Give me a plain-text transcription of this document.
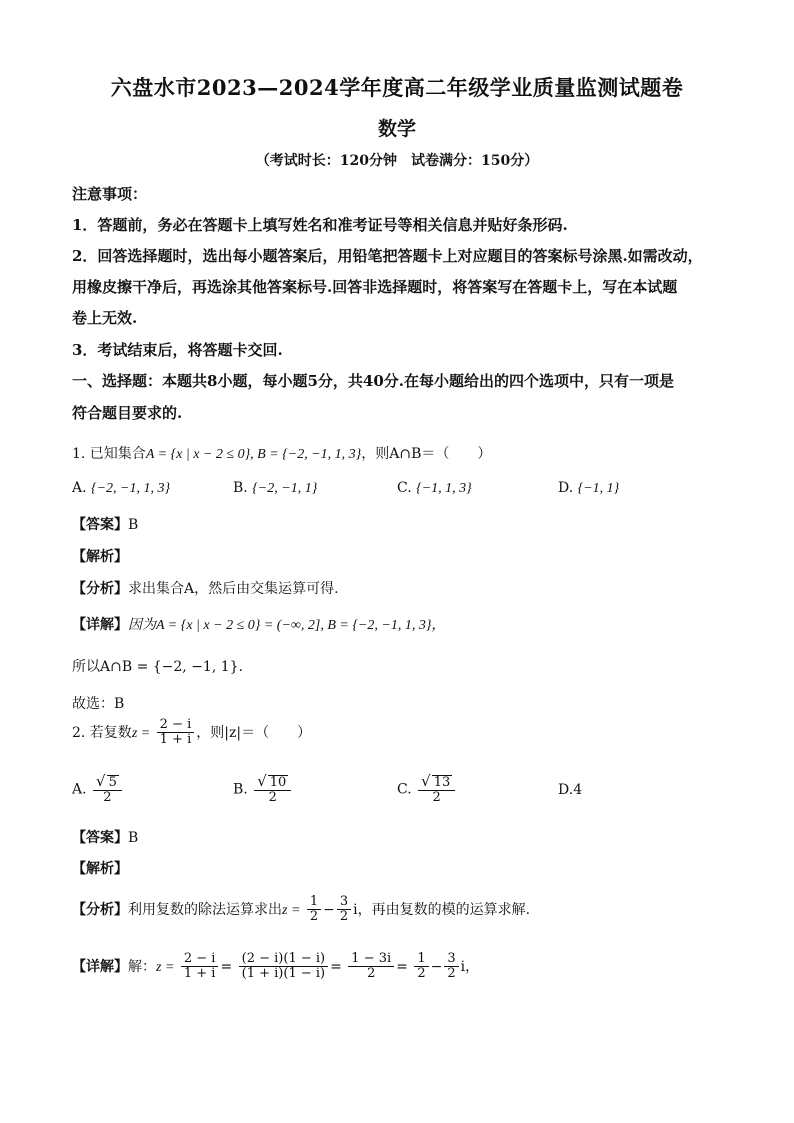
六盘水市2023—2024学年度高二年级学业质量监测试题卷
数学
（考试时长：120分钟　试卷满分：150分）
注意事项：
1．答题前，务必在答题卡上填写姓名和准考证号等相关信息并贴好条形码.
2．回答选择题时，选出每小题答案后，用铅笔把答题卡上对应题目的答案标号涂黑.如需改动，
用橡皮擦干净后，再选涂其他答案标号.回答非选择题时，将答案写在答题卡上，写在本试题
卷上无效.
3．考试结束后，将答题卡交回.
一、选择题：本题共8小题，每小题5分，共40分.在每小题给出的四个选项中，只有一项是
符合题目要求的.
1. 已知集合A = {x | x − 2 ≤ 0}, B = {−2, −1, 1, 3}，则A∩B＝（　　）
A. {−2, −1, 1, 3}	B. {−2, −1, 1}	C. {−1, 1, 3}	D. {−1, 1}
【答案】B
【解析】
【分析】求出集合A，然后由交集运算可得.
【详解】因为A = {x | x − 2 ≤ 0} = (−∞, 2], B = {−2, −1, 1, 3}，
所以A∩B = {−2, −1, 1}.
故选：B
2. 若复数$z = \frac{2 - i}{1 + i}$ ，则|z|＝（　　）
A. $\frac{√ 5}{2}$	B. $\frac{√ 10}{2}$	C. $\frac{√ 13}{2}$	D.4
【答案】B
【解析】
【分析】利用复数的除法运算求出$z = \frac{1}{2} - \frac{3}{2}$ i，再由复数的模的运算求解.
【详解】解：$z = \frac{2 - i}{1 + i} = \frac{(2 - i)(1 - i)}{(1 + i)(1 - i)} = \frac{1 - 3i}{2} = \frac{1}{2} - \frac{3}{2}$ i，
